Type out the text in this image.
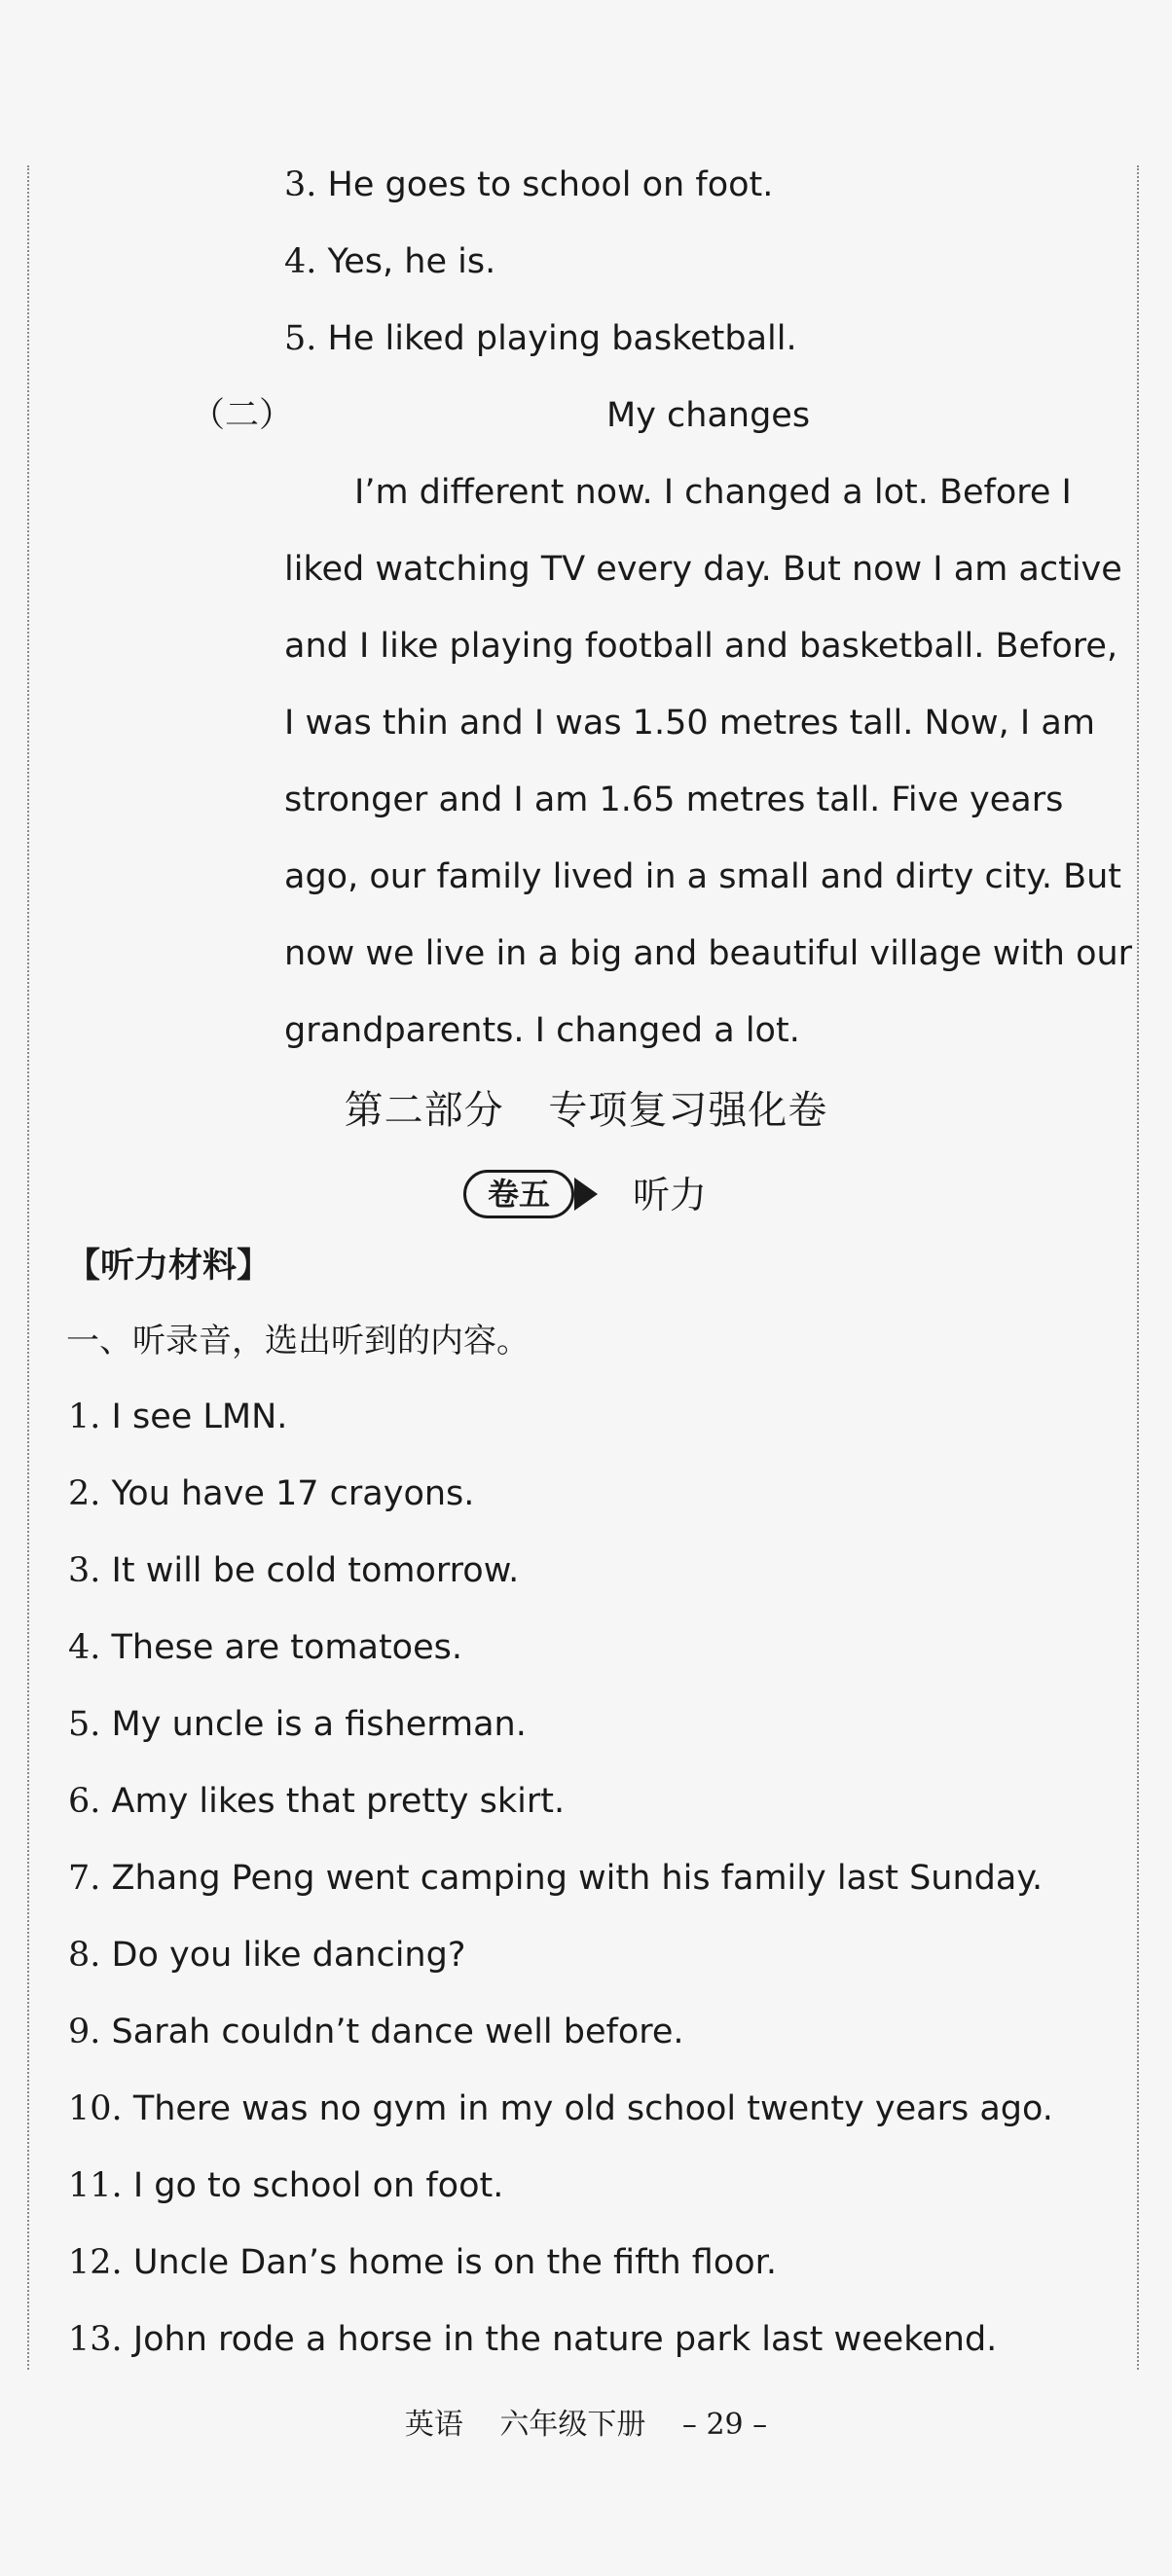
3. He goes to school on foot.
4. Yes, he is.
5. He liked playing basketball.
（二）	My changes
I’m different now. I changed a lot. Before I
liked watching TV every day. But now I am active
and I like playing football and basketball. Before,
I was thin and I was 1.50 metres tall. Now, I am
stronger and I am 1.65 metres tall. Five years
ago, our family lived in a small and dirty city. But
now we live in a big and beautiful village with our
grandparents. I changed a lot.
第二部分 专项复习强化卷
卷五	听力
【听力材料】
一、听录音，选出听到的内容。
1. I see LMN.
2. You have 17 crayons.
3. It will be cold tomorrow.
4. These are tomatoes.
5. My uncle is a fisherman.
6. Amy likes that pretty skirt.
7. Zhang Peng went camping with his family last Sunday.
8. Do you like dancing?
9. Sarah couldn’t dance well before.
10. There was no gym in my old school twenty years ago.
11. I go to school on foot.
12. Uncle Dan’s home is on the fifth floor.
13. John rode a horse in the nature park last weekend.
英语 六年级下册 – 29 –
